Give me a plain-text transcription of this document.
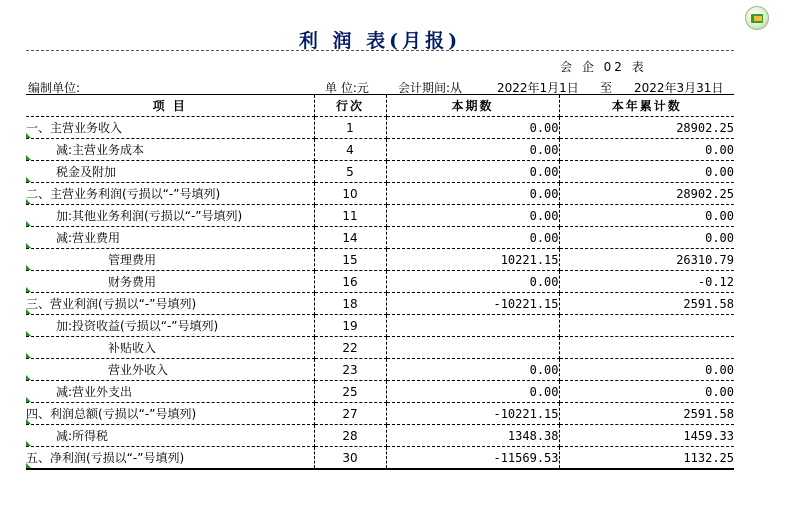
利 润 表(月报)
会 企 02 表
编制单位:	单 位:元 会计期间:从	2022年1月1日 至 2022年3月31日
项 目	行次	本期数	本年累计数

一、主营业务收入	1	0.00	28902.25

减:主营业务成本	4	0.00	0.00

税金及附加	5	0.00	0.00

二、主营业务利润(亏损以“-”号填列)	10	0.00	28902.25

加:其他业务利润(亏损以“-”号填列)	11	0.00	0.00

减:营业费用	14	0.00	0.00

管理费用	15	10221.15	26310.79

财务费用	16	0.00	-0.12

三、营业利润(亏损以“-”号填列)	18	-10221.15	2591.58

加:投资收益(亏损以“-”号填列)	19		

补贴收入	22		

营业外收入	23	0.00	0.00

减:营业外支出	25	0.00	0.00

四、利润总额(亏损以“-”号填列)	27	-10221.15	2591.58

减:所得税	28	1348.38	1459.33

五、净利润(亏损以“-”号填列)	30	-11569.53	1132.25
